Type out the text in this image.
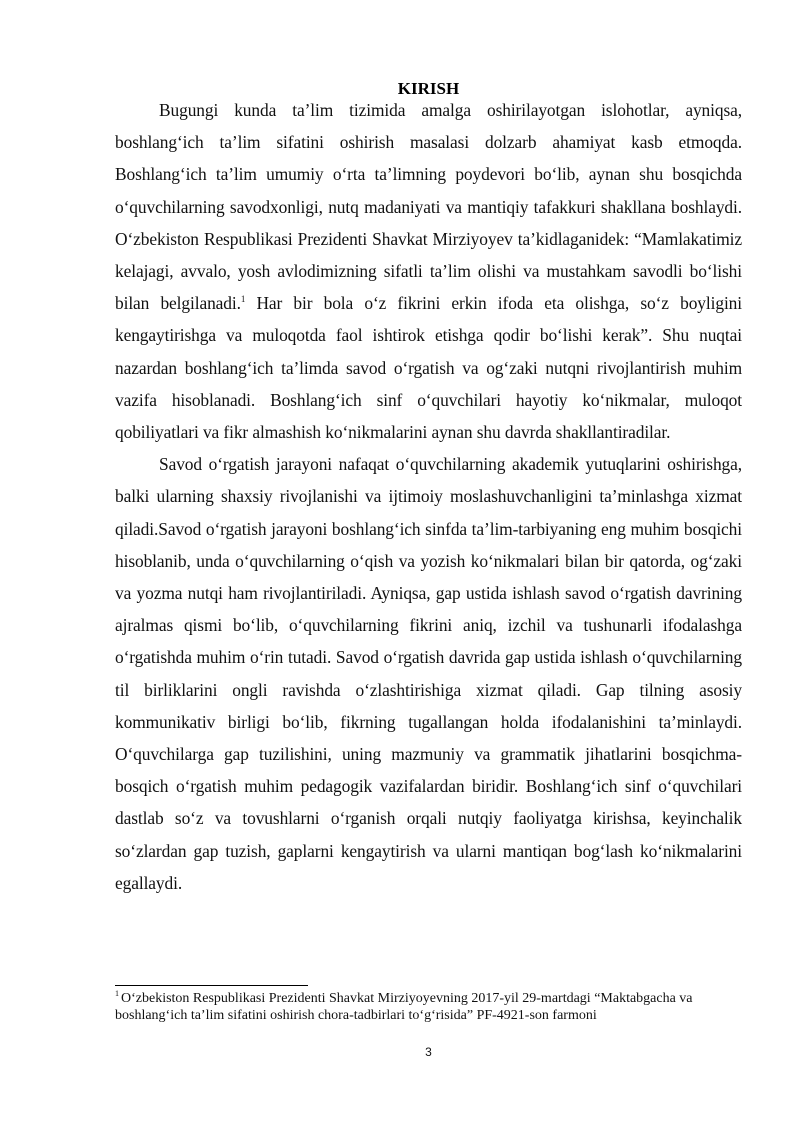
KIRISH

Bugungi kunda ta’lim tizimida amalga oshirilayotgan islohotlar, ayniqsa, boshlang‘ich ta’lim sifatini oshirish masalasi dolzarb ahamiyat kasb etmoqda. Boshlang‘ich ta’lim umumiy o‘rta ta’limning poydevori bo‘lib, aynan shu bosqichda o‘quvchilarning savodxonligi, nutq madaniyati va mantiqiy tafakkuri shakllana boshlaydi. O‘zbekiston Respublikasi Prezidenti Shavkat Mirziyoyev ta’kidlaganidek: “Mamlakatimiz kelajagi, avvalo, yosh avlodimizning sifatli ta’lim olishi va mustahkam savodli bo‘lishi bilan belgilanadi.$^1$ Har bir bola o‘z fikrini erkin ifoda eta olishga, so‘z boyligini kengaytirishga va muloqotda faol ishtirok etishga qodir bo‘lishi kerak”. Shu nuqtai nazardan boshlang‘ich ta’limda savod o‘rgatish va og‘zaki nutqni rivojlantirish muhim vazifa hisoblanadi. Boshlang‘ich sinf o‘quvchilari hayotiy ko‘nikmalar, muloqot qobiliyatlari va fikr almashish ko‘nikmalarini aynan shu davrda shakllantiradilar.

Savod o‘rgatish jarayoni nafaqat o‘quvchilarning akademik yutuqlarini oshirishga, balki ularning shaxsiy rivojlanishi va ijtimoiy moslashuvchanligini ta’minlashga xizmat qiladi.Savod o‘rgatish jarayoni boshlang‘ich sinfda ta’lim-tarbiyaning eng muhim bosqichi hisoblanib, unda o‘quvchilarning o‘qish va yozish ko‘nikmalari bilan bir qatorda, og‘zaki va yozma nutqi ham rivojlantiriladi. Ayniqsa, gap ustida ishlash savod o‘rgatish davrining ajralmas qismi bo‘lib, o‘quvchilarning fikrini aniq, izchil va tushunarli ifodalashga o‘rgatishda muhim o‘rin tutadi. Savod o‘rgatish davrida gap ustida ishlash o‘quvchilarning til birliklarini ongli ravishda o‘zlashtirishiga xizmat qiladi. Gap tilning asosiy kommunikativ birligi bo‘lib, fikrning tugallangan holda ifodalanishini ta’minlaydi. O‘quvchilarga gap tuzilishini, uning mazmuniy va grammatik jihatlarini bosqichma-bosqich o‘rgatish muhim pedagogik vazifalardan biridir. Boshlang‘ich sinf o‘quvchilari dastlab so‘z va tovushlarni o‘rganish orqali nutqiy faoliyatga kirishsa, keyinchalik so‘zlardan gap tuzish, gaplarni kengaytirish va ularni mantiqan bog‘lash ko‘nikmalarini egallaydi.

$^1$ O‘zbekiston Respublikasi Prezidenti Shavkat Mirziyoyevning 2017-yil 29-martdagi “Maktabgacha va boshlang‘ich ta’lim sifatini oshirish chora-tadbirlari to‘g‘risida” PF-4921-son farmoni
3
